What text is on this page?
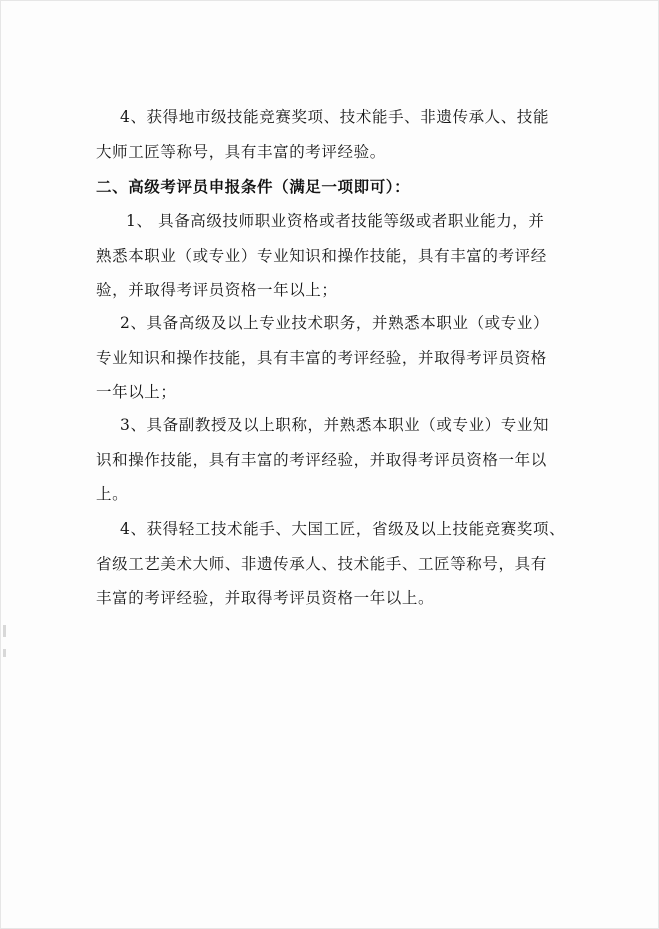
4、获得地市级技能竞赛奖项、技术能手、非遗传承人、技能
大师工匠等称号，具有丰富的考评经验。

二、高级考评员申报条件（满足一项即可）：

1、 具备高级技师职业资格或者技能等级或者职业能力，并
熟悉本职业（或专业）专业知识和操作技能，具有丰富的考评经
验，并取得考评员资格一年以上；

2、具备高级及以上专业技术职务，并熟悉本职业（或专业）
专业知识和操作技能，具有丰富的考评经验，并取得考评员资格
一年以上；

3、具备副教授及以上职称，并熟悉本职业（或专业）专业知
识和操作技能，具有丰富的考评经验，并取得考评员资格一年以
上。

4、获得轻工技术能手、大国工匠，省级及以上技能竞赛奖项、
省级工艺美术大师、非遗传承人、技术能手、工匠等称号，具有
丰富的考评经验，并取得考评员资格一年以上。
